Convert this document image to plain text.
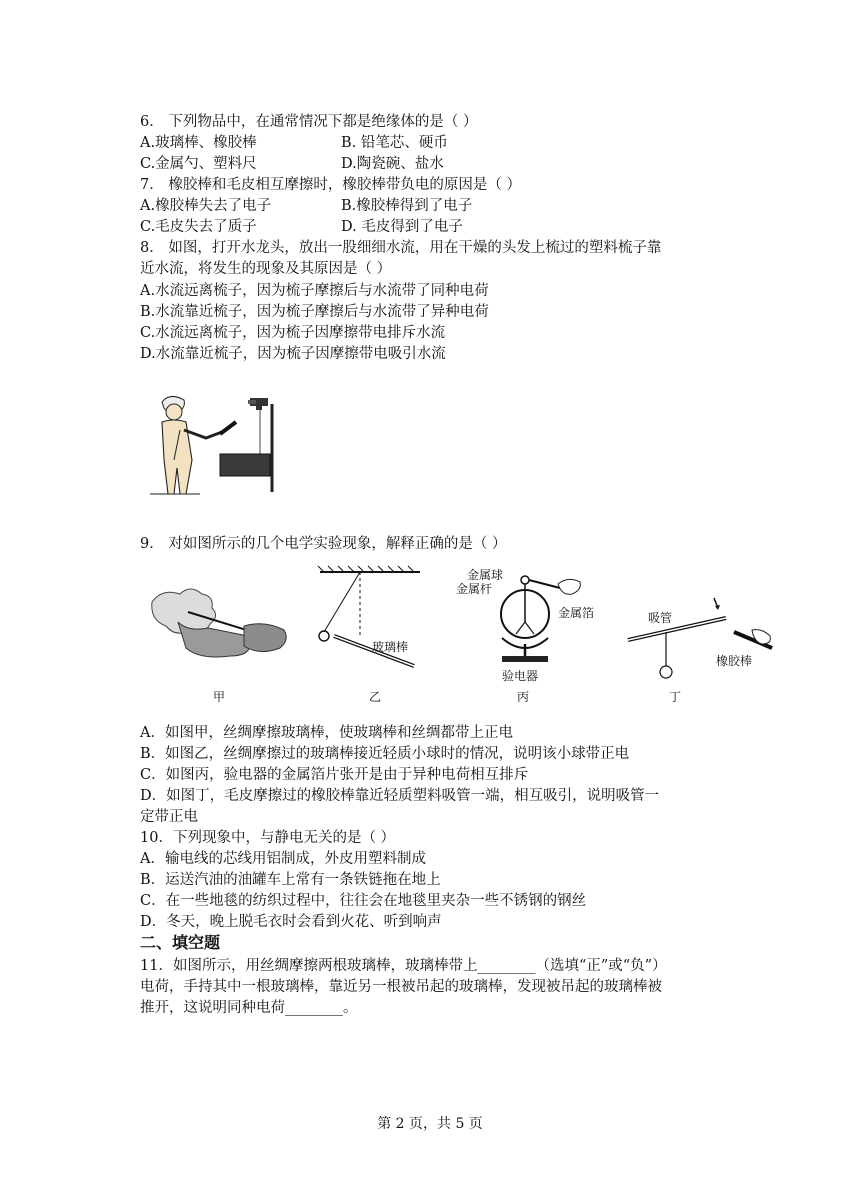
6． 下列物品中，在通常情况下都是绝缘体的是（ ）
A.玻璃棒、橡胶棒	B. 铅笔芯、硬币
C.金属勺、塑料尺	D.陶瓷碗、盐水
7． 橡胶棒和毛皮相互摩擦时，橡胶棒带负电的原因是（ ）
A.橡胶棒失去了电子	B.橡胶棒得到了电子
C.毛皮失去了质子	D. 毛皮得到了电子
8． 如图，打开水龙头，放出一股细细水流，用在干燥的头发上梳过的塑料梳子靠
近水流，将发生的现象及其原因是（ ）
A.水流远离梳子，因为梳子摩擦后与水流带了同种电荷
B.水流靠近梳子，因为梳子摩擦后与水流带了异种电荷
C.水流远离梳子，因为梳子因摩擦带电排斥水流
D.水流靠近梳子，因为梳子因摩擦带电吸引水流
9． 对如图所示的几个电学实验现象，解释正确的是（ ）
甲
玻璃棒
乙
金属球
金属杆
金属箔
验电器
丙
吸管
橡胶棒
丁
A．如图甲，丝绸摩擦玻璃棒，使玻璃棒和丝绸都带上正电
B．如图乙，丝绸摩擦过的玻璃棒接近轻质小球时的情况，说明该小球带正电
C．如图丙，验电器的金属箔片张开是由于异种电荷相互排斥
D．如图丁，毛皮摩擦过的橡胶棒靠近轻质塑料吸管一端，相互吸引，说明吸管一
定带正电
10．下列现象中，与静电无关的是（ ）
A．输电线的芯线用铝制成，外皮用塑料制成
B．运送汽油的油罐车上常有一条铁链拖在地上
C．在一些地毯的纺织过程中，往往会在地毯里夹杂一些不锈钢的钢丝
D．冬天，晚上脱毛衣时会看到火花、听到响声
二、填空题
11．如图所示，用丝绸摩擦两根玻璃棒，玻璃棒带上________（选填“正”或“负”）
电荷，手持其中一根玻璃棒，靠近另一根被吊起的玻璃棒，发现被吊起的玻璃棒被
推开，这说明同种电荷________。
第 2 页，共 5 页
